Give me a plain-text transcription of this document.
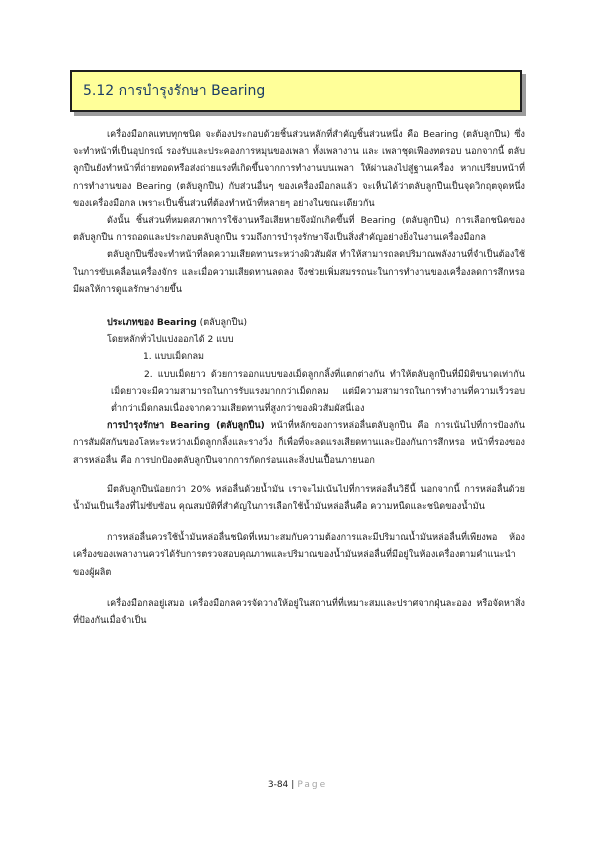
5.12 การบำรุงรักษา Bearing

เครื่องมือกลแทบทุกชนิด จะต้องประกอบด้วยชิ้นส่วนหลักที่สำคัญชิ้นส่วนหนึ่ง คือ Bearing (ตลับลูกปืน) ซึ่งจะทำหน้าที่เป็นอุปกรณ์ รองรับและประคองการหมุนของเพลา ทั้งเพลางาน และ เพลาชุดเฟืองทดรอบ นอกจากนี้ ตลับลูกปืนยังทำหน้าที่ถ่ายทอดหรือส่งถ่ายแรงที่เกิดขึ้นจากการทำงานบนเพลา ให้ผ่านลงไปสู่ฐานเครื่อง หากเปรียบหน้าที่การทำงานของ Bearing (ตลับลูกปืน) กับส่วนอื่นๆ ของเครื่องมือกลแล้ว จะเห็นได้ว่าตลับลูกปืนเป็นจุดวิกฤตจุดหนึ่งของเครื่องมือกล เพราะเป็นชิ้นส่วนที่ต้องทำหน้าที่หลายๆ อย่างในขณะเดียวกัน

ดังนั้น ชิ้นส่วนที่หมดสภาพการใช้งานหรือเสียหายจึงมักเกิดขึ้นที่ Bearing (ตลับลูกปืน) การเลือกชนิดของตลับลูกปืน การถอดและประกอบตลับลูกปืน รวมถึงการบำรุงรักษาจึงเป็นสิ่งสำคัญอย่างยิ่งในงานเครื่องมือกล

ตลับลูกปืนซึ่งจะทำหน้าที่ลดความเสียดทานระหว่างผิวสัมผัส ทำให้สามารถลดปริมาณพลังงานที่จำเป็นต้องใช้ในการขับเคลื่อนเครื่องจักร และเมื่อความเสียดทานลดลง จึงช่วยเพิ่มสมรรถนะในการทำงานของเครื่องลดการสึกหรอมีผลให้การดูแลรักษาง่ายขึ้น

ประเภทของ Bearing (ตลับลูกปืน)

โดยหลักทั่วไปแบ่งออกได้ 2 แบบ

1. แบบเม็ดกลม

2. แบบเม็ดยาว ด้วยการออกแบบของเม็ดลูกกลิ้งที่แตกต่างกัน ทำให้ตลับลูกปืนที่มีมิติขนาดเท่ากันเม็ดยาวจะมีความสามารถในการรับแรงมากกว่าเม็ดกลม แต่มีความสามารถในการทำงานที่ความเร็วรอบต่ำกว่าเม็ดกลมเนื่องจากความเสียดทานที่สูงกว่าของผิวสัมผัสนี่เอง

การบำรุงรักษา Bearing (ตลับลูกปืน) หน้าที่หลักของการหล่อลื่นตลับลูกปืน คือ การเน้นไปที่การป้องกันการสัมผัสกันของโลหะระหว่างเม็ดลูกกลิ้งและรางวิ่ง ก็เพื่อที่จะลดแรงเสียดทานและป้องกันการสึกหรอ หน้าที่รองของสารหล่อลื่น คือ การปกป้องตลับลูกปืนจากการกัดกร่อนและสิ่งปนเปื้อนภายนอก

มีตลับลูกปืนน้อยกว่า 20% หล่อลื่นด้วยน้ำมัน เราจะไม่เน้นไปที่การหล่อลื่นวิธีนี้ นอกจากนี้ การหล่อลื่นด้วยน้ำมันเป็นเรื่องที่ไม่ซับซ้อน คุณสมบัติที่สำคัญในการเลือกใช้น้ำมันหล่อลื่นคือ ความหนืดและชนิดของน้ำมัน

การหล่อลื่นควรใช้น้ำมันหล่อลื่นชนิดที่เหมาะสมกับความต้องการและมีปริมาณน้ำมันหล่อลื่นที่เพียงพอ ห้องเครื่องของเพลางานควรได้รับการตรวจสอบคุณภาพและปริมาณของน้ำมันหล่อลื่นที่มีอยู่ในห้องเครื่องตามคำแนะนำของผู้ผลิต

เครื่องมือกลอยู่เสมอ เครื่องมือกลควรจัดวางให้อยู่ในสถานที่ที่เหมาะสมและปราศจากฝุ่นละออง หรือจัดหาสิ่งที่ป้องกันเมื่อจำเป็น

3-84 | Page
